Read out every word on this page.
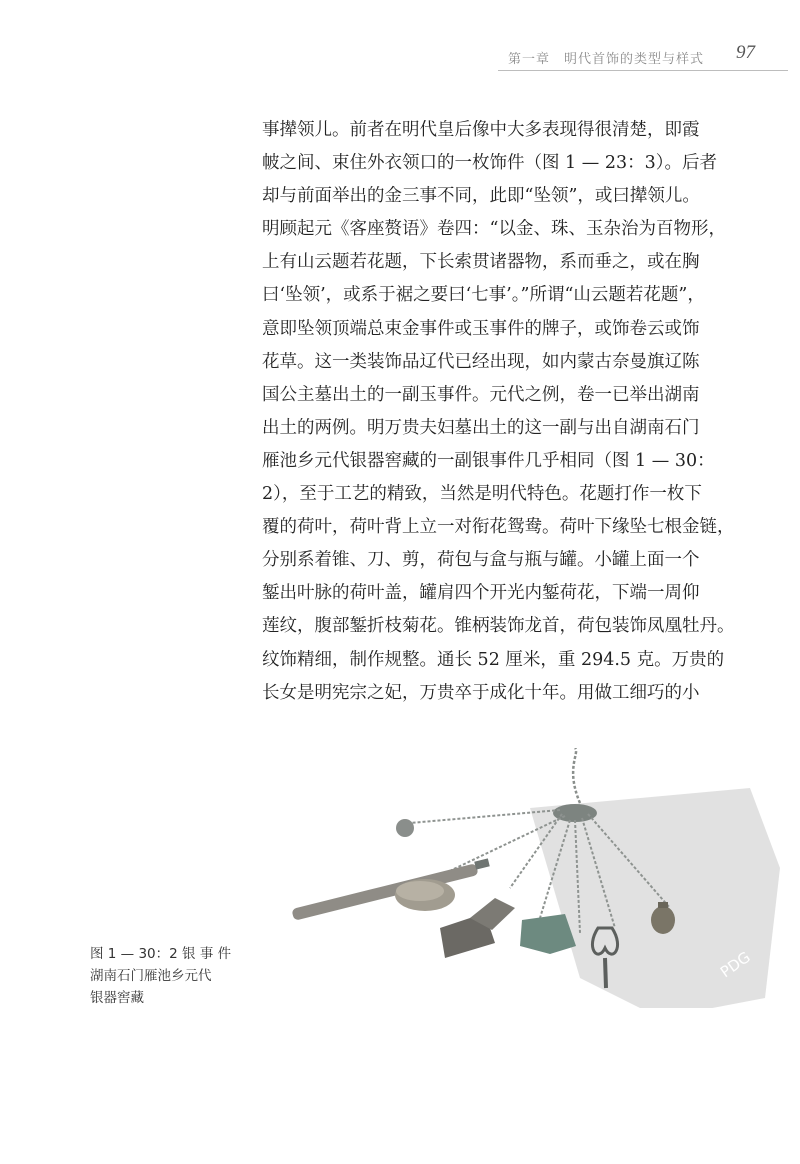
第一章　明代首饰的类型与样式 97
事撵领儿。前者在明代皇后像中大多表现得很清楚，即霞
帔之间、束住外衣领口的一枚饰件（图 1 — 23：3）。后者
却与前面举出的金三事不同，此即“坠领”，或曰撵领儿。
明顾起元《客座赘语》卷四：“以金、珠、玉杂治为百物形，
上有山云题若花题，下长索贯诸器物，系而垂之，或在胸
曰‘坠领’，或系于裾之要曰‘七事’。”所谓“山云题若花题”，
意即坠领顶端总束金事件或玉事件的牌子，或饰卷云或饰
花草。这一类装饰品辽代已经出现，如内蒙古奈曼旗辽陈
国公主墓出土的一副玉事件。元代之例，卷一已举出湖南
出土的两例。明万贵夫妇墓出土的这一副与出自湖南石门
雁池乡元代银器窖藏的一副银事件几乎相同（图 1 — 30：
2），至于工艺的精致，当然是明代特色。花题打作一枚下
覆的荷叶，荷叶背上立一对衔花鸳鸯。荷叶下缘坠七根金链，
分别系着锥、刀、剪，荷包与盒与瓶与罐。小罐上面一个
錾出叶脉的荷叶盖，罐肩四个开光内錾荷花，下端一周仰
莲纹，腹部錾折枝菊花。锥柄装饰龙首，荷包装饰凤凰牡丹。
纹饰精细，制作规整。通长 52 厘米，重 294.5 克。万贵的
长女是明宪宗之妃，万贵卒于成化十年。用做工细巧的小
PDG
图 1 — 30：2 银 事 件
湖南石门雁池乡元代
银器窖藏
